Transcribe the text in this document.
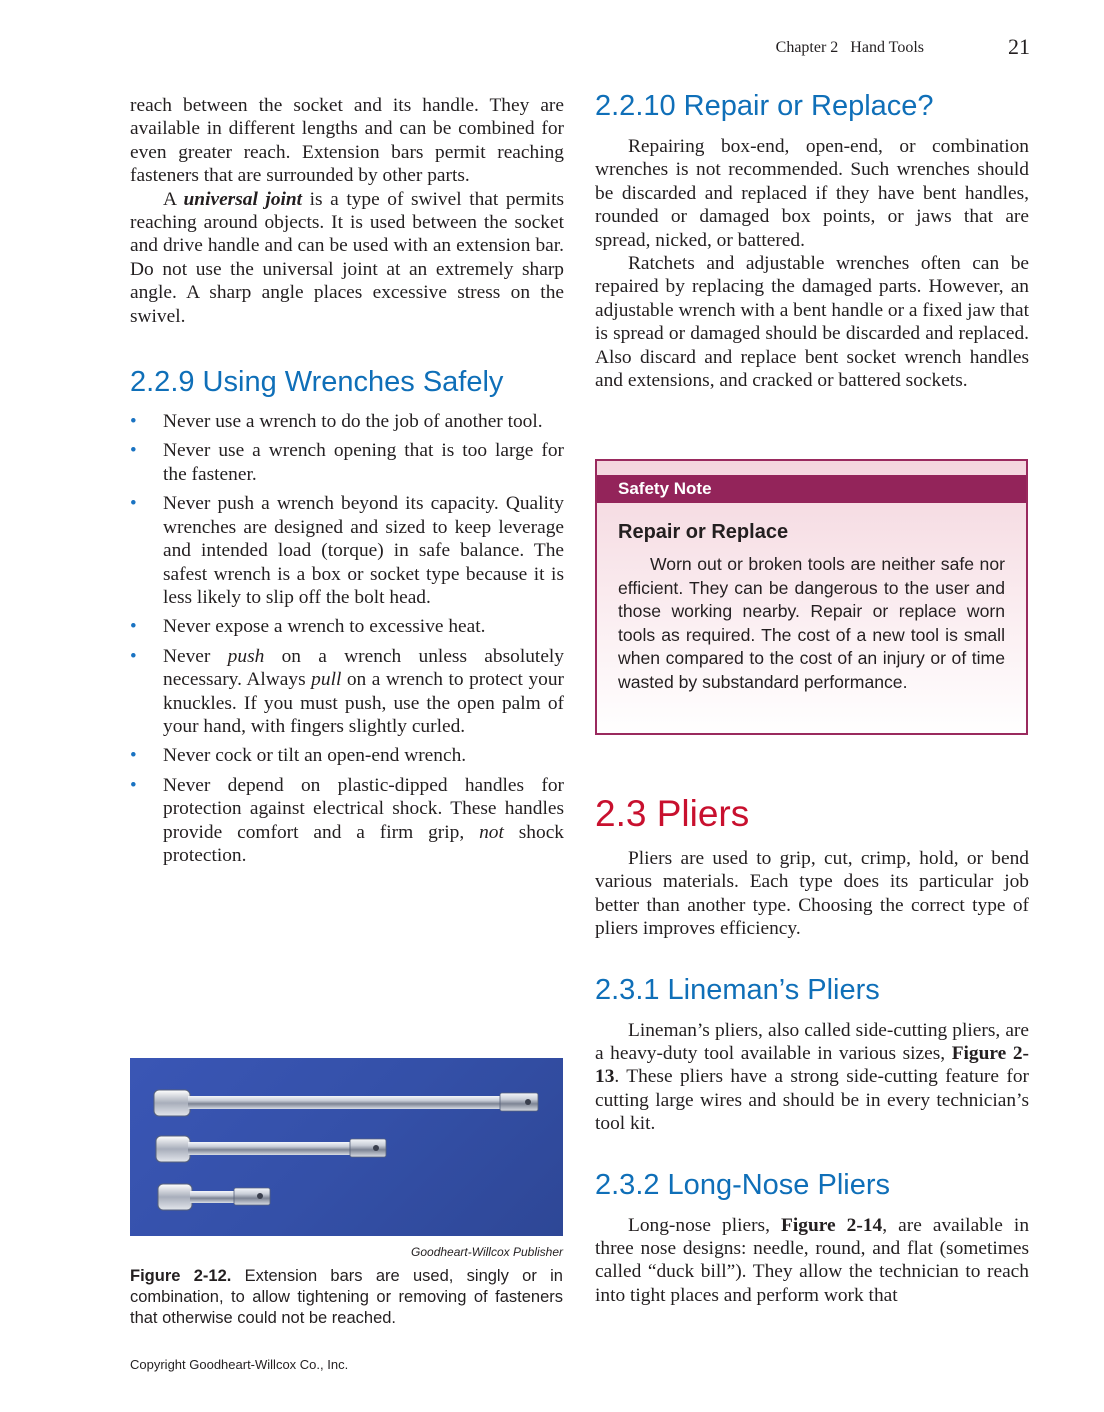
Chapter 2   Hand Tools	21

reach between the socket and its handle. They are available in different lengths and can be combined for even greater reach. Extension bars permit reaching fasteners that are surrounded by other parts.

A universal joint is a type of swivel that permits reaching around objects. It is used between the socket and drive handle and can be used with an extension bar. Do not use the universal joint at an extremely sharp angle. A sharp angle places excessive stress on the swivel.

2.2.9 Using Wrenches Safely
• Never use a wrench to do the job of another tool.
• Never use a wrench opening that is too large for the fastener.
• Never push a wrench beyond its capacity. Quality wrenches are designed and sized to keep leverage and intended load (torque) in safe balance. The safest wrench is a box or socket type because it is less likely to slip off the bolt head.
• Never expose a wrench to excessive heat.
• Never push on a wrench unless absolutely necessary. Always pull on a wrench to protect your knuckles. If you must push, use the open palm of your hand, with fingers slightly curled.
• Never cock or tilt an open-end wrench.
• Never depend on plastic-dipped handles for protection against electrical shock. These handles provide comfort and a firm grip, not shock protection.
Goodheart-Willcox Publisher
Figure 2-12. Extension bars are used, singly or in combination, to allow tightening or removing of fasteners that otherwise could not be reached.
2.2.10 Repair or Replace?

Repairing box-end, open-end, or combination wrenches is not recommended. Such wrenches should be discarded and replaced if they have bent handles, rounded or damaged box points, or jaws that are spread, nicked, or battered.

Ratchets and adjustable wrenches often can be repaired by replacing the damaged parts. However, an adjustable wrench with a bent handle or a fixed jaw that is spread or damaged should be discarded and replaced. Also discard and replace bent socket wrench handles and extensions, and cracked or battered sockets.

Safety Note
Repair or Replace
Worn out or broken tools are neither safe nor efficient. They can be dangerous to the user and those working nearby. Repair or replace worn tools as required. The cost of a new tool is small when compared to the cost of an injury or of time wasted by substandard performance.
2.3 Pliers

Pliers are used to grip, cut, crimp, hold, or bend various materials. Each type does its particular job better than another type. Choosing the correct type of pliers improves efficiency.

2.3.1 Lineman’s Pliers

Lineman’s pliers, also called side-cutting pliers, are a heavy-duty tool available in various sizes, Figure 2-13. These pliers have a strong side-cutting feature for cutting large wires and should be in every technician’s tool kit.

2.3.2 Long-Nose Pliers

Long-nose pliers, Figure 2-14, are available in three nose designs: needle, round, and flat (sometimes called “duck bill”). They allow the technician to reach into tight places and perform work that

Copyright Goodheart-Willcox Co., Inc.
